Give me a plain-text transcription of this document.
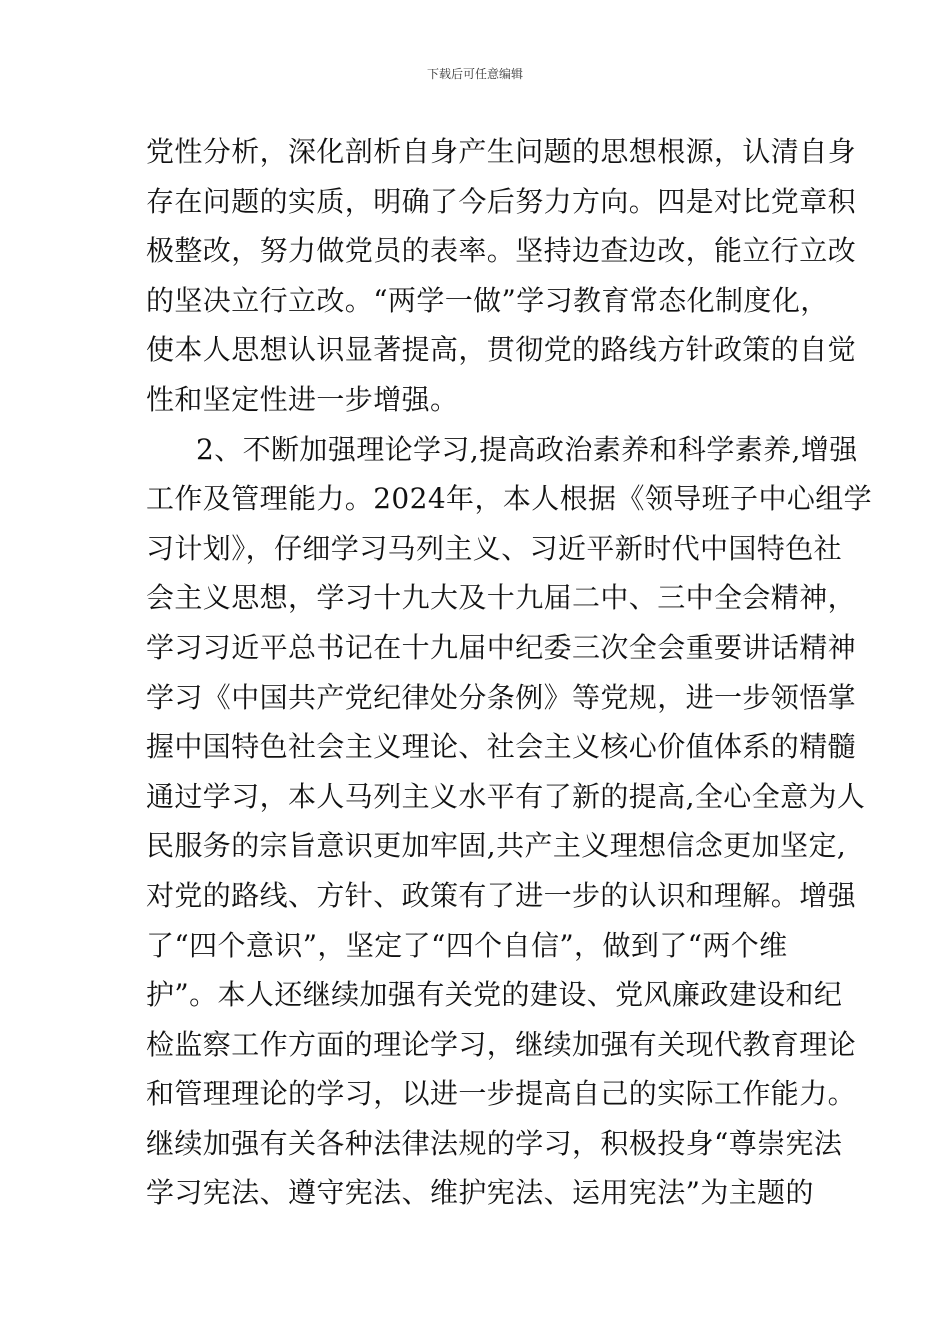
下载后可任意编辑
党性分析，深化剖析自身产生问题的思想根源，认清自身
存在问题的实质，明确了今后努力方向。四是对比党章积
极整改，努力做党员的表率。坚持边查边改，能立行立改
的坚决立行立改。“两学一做”学习教育常态化制度化，
使本人思想认识显著提高，贯彻党的路线方针政策的自觉
性和坚定性进一步增强。
2、不断加强理论学习,提高政治素养和科学素养,增强
工作及管理能力。2024年，本人根据《领导班子中心组学
习计划》，仔细学习马列主义、习近平新时代中国特色社
会主义思想，学习十九大及十九届二中、三中全会精神，
学习习近平总书记在十九届中纪委三次全会重要讲话精神
学习《中国共产党纪律处分条例》等党规，进一步领悟掌
握中国特色社会主义理论、社会主义核心价值体系的精髓
通过学习，本人马列主义水平有了新的提高,全心全意为人
民服务的宗旨意识更加牢固,共产主义理想信念更加坚定,
对党的路线、方针、政策有了进一步的认识和理解。增强
了“四个意识”，坚定了“四个自信”，做到了“两个维
护”。本人还继续加强有关党的建设、党风廉政建设和纪
检监察工作方面的理论学习，继续加强有关现代教育理论
和管理理论的学习，以进一步提高自己的实际工作能力。
继续加强有关各种法律法规的学习，积极投身“尊崇宪法
学习宪法、遵守宪法、维护宪法、运用宪法”为主题的
